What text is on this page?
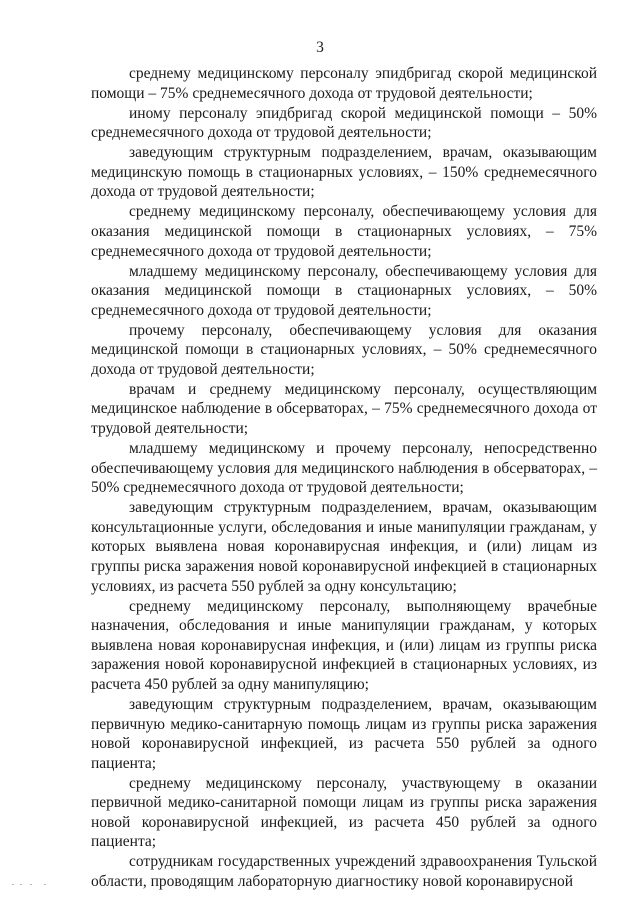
3

среднему медицинскому персоналу эпидбригад скорой медицинской помощи – 75% среднемесячного дохода от трудовой деятельности;

иному персоналу эпидбригад скорой медицинской помощи – 50% среднемесячного дохода от трудовой деятельности;

заведующим структурным подразделением, врачам, оказывающим медицинскую помощь в стационарных условиях, – 150% среднемесячного дохода от трудовой деятельности;

среднему медицинскому персоналу, обеспечивающему условия для оказания медицинской помощи в стационарных условиях, – 75% среднемесячного дохода от трудовой деятельности;

младшему медицинскому персоналу, обеспечивающему условия для оказания медицинской помощи в стационарных условиях, – 50% среднемесячного дохода от трудовой деятельности;

прочему персоналу, обеспечивающему условия для оказания медицинской помощи в стационарных условиях, – 50% среднемесячного дохода от трудовой деятельности;

врачам и среднему медицинскому персоналу, осуществляющим медицинское наблюдение в обсерваторах, – 75% среднемесячного дохода от трудовой деятельности;

младшему медицинскому и прочему персоналу, непосредственно обеспечивающему условия для медицинского наблюдения в обсерваторах, – 50% среднемесячного дохода от трудовой деятельности;

заведующим структурным подразделением, врачам, оказывающим консультационные услуги, обследования и иные манипуляции гражданам, у которых выявлена новая коронавирусная инфекция, и (или) лицам из группы риска заражения новой коронавирусной инфекцией в стационарных условиях, из расчета 550 рублей за одну консультацию;

среднему медицинскому персоналу, выполняющему врачебные назначения, обследования и иные манипуляции гражданам, у которых выявлена новая коронавирусная инфекция, и (или) лицам из группы риска заражения новой коронавирусной инфекцией в стационарных условиях, из расчета 450 рублей за одну манипуляцию;

заведующим структурным подразделением, врачам, оказывающим первичную медико-санитарную помощь лицам из группы риска заражения новой коронавирусной инфекцией, из расчета 550 рублей за одного пациента;

среднему медицинскому персоналу, участвующему в оказании первичной медико-санитарной помощи лицам из группы риска заражения новой коронавирусной инфекцией, из расчета 450 рублей за одного пациента;

сотрудникам государственных учреждений здравоохранения Тульской области, проводящим лабораторную диагностику новой коронавирусной
